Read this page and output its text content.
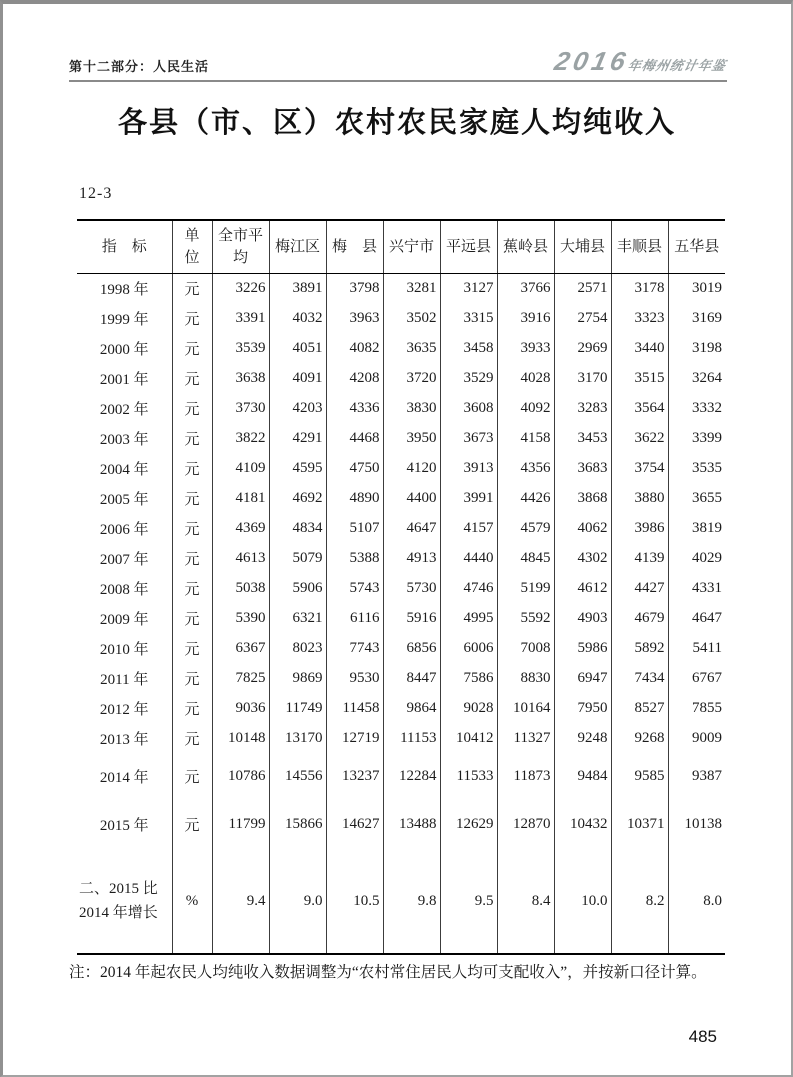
第十二部分：人民生活	2016年梅州统计年鉴
各县（市、区）农村农民家庭人均纯收入
12-3
指　标	单位	全市平均	梅江区	梅　县	兴宁市	平远县	蕉岭县	大埔县	丰顺县	五华县
1998 年	元	3226	3891	3798	3281	3127	3766	2571	3178	3019
1999 年	元	3391	4032	3963	3502	3315	3916	2754	3323	3169
2000 年	元	3539	4051	4082	3635	3458	3933	2969	3440	3198
2001 年	元	3638	4091	4208	3720	3529	4028	3170	3515	3264
2002 年	元	3730	4203	4336	3830	3608	4092	3283	3564	3332
2003 年	元	3822	4291	4468	3950	3673	4158	3453	3622	3399
2004 年	元	4109	4595	4750	4120	3913	4356	3683	3754	3535
2005 年	元	4181	4692	4890	4400	3991	4426	3868	3880	3655
2006 年	元	4369	4834	5107	4647	4157	4579	4062	3986	3819
2007 年	元	4613	5079	5388	4913	4440	4845	4302	4139	4029
2008 年	元	5038	5906	5743	5730	4746	5199	4612	4427	4331
2009 年	元	5390	6321	6116	5916	4995	5592	4903	4679	4647
2010 年	元	6367	8023	7743	6856	6006	7008	5986	5892	5411
2011 年	元	7825	9869	9530	8447	7586	8830	6947	7434	6767
2012 年	元	9036	11749	11458	9864	9028	10164	7950	8527	7855
2013 年	元	10148	13170	12719	11153	10412	11327	9248	9268	9009
2014 年	元	10786	14556	13237	12284	11533	11873	9484	9585	9387
2015 年	元	11799	15866	14627	13488	12629	12870	10432	10371	10138
二、2015 比 2014 年增长	%	9.4	9.0	10.5	9.8	9.5	8.4	10.0	8.2	8.0
注：2014 年起农民人均纯收入数据调整为“农村常住居民人均可支配收入”，并按新口径计算。
485
